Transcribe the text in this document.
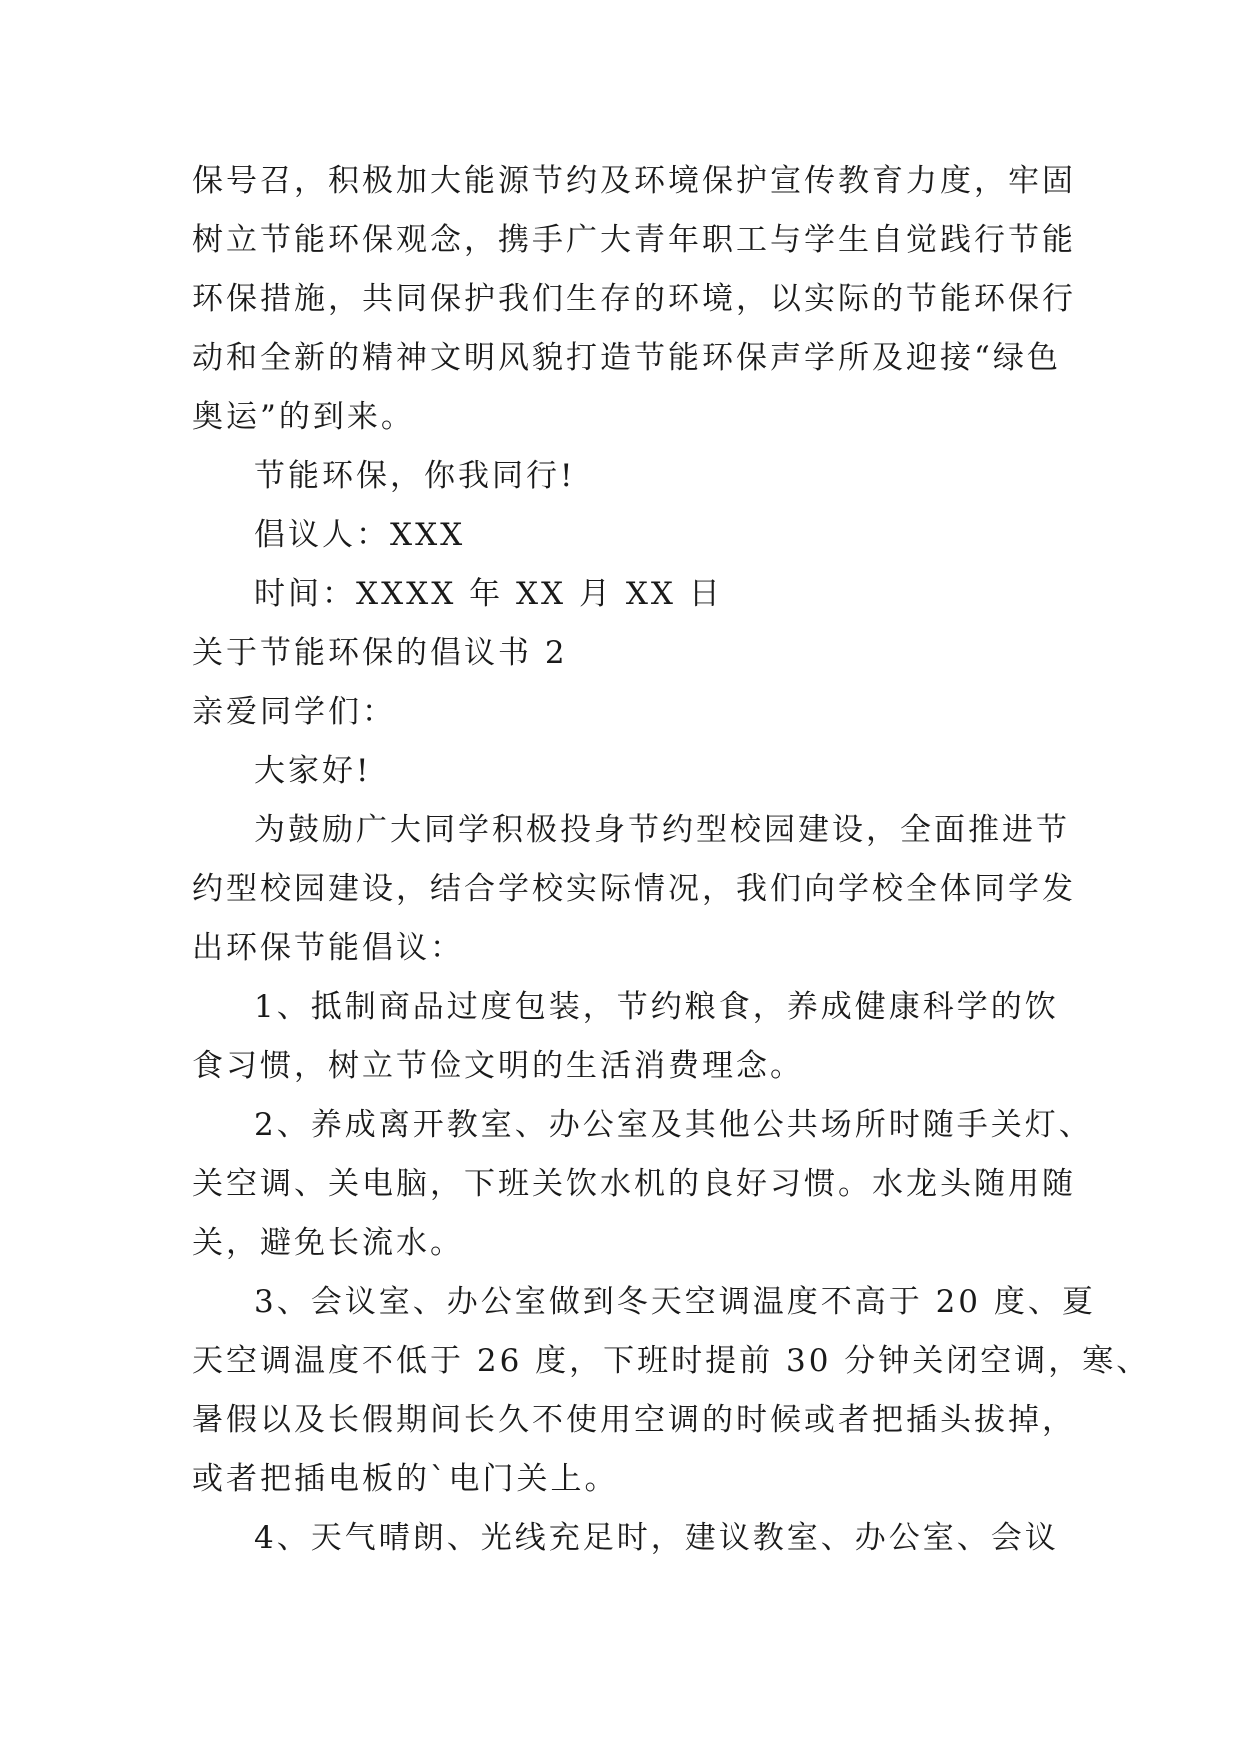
保号召，积极加大能源节约及环境保护宣传教育力度，牢固
树立节能环保观念，携手广大青年职工与学生自觉践行节能
环保措施，共同保护我们生存的环境，以实际的节能环保行
动和全新的精神文明风貌打造节能环保声学所及迎接“绿色
奥运”的到来。
节能环保，你我同行!
倡议人：XXX
时间：XXXX 年 XX 月 XX 日
关于节能环保的倡议书 2
亲爱同学们：
大家好!
为鼓励广大同学积极投身节约型校园建设，全面推进节
约型校园建设，结合学校实际情况，我们向学校全体同学发
出环保节能倡议：
1、抵制商品过度包装，节约粮食，养成健康科学的饮
食习惯，树立节俭文明的生活消费理念。
2、养成离开教室、办公室及其他公共场所时随手关灯、
关空调、关电脑，下班关饮水机的良好习惯。水龙头随用随
关，避免长流水。
3、会议室、办公室做到冬天空调温度不高于 20 度、夏
天空调温度不低于 26 度，下班时提前 30 分钟关闭空调，寒、
暑假以及长假期间长久不使用空调的时候或者把插头拔掉，
或者把插电板的`电门关上。
4、天气晴朗、光线充足时，建议教室、办公室、会议
